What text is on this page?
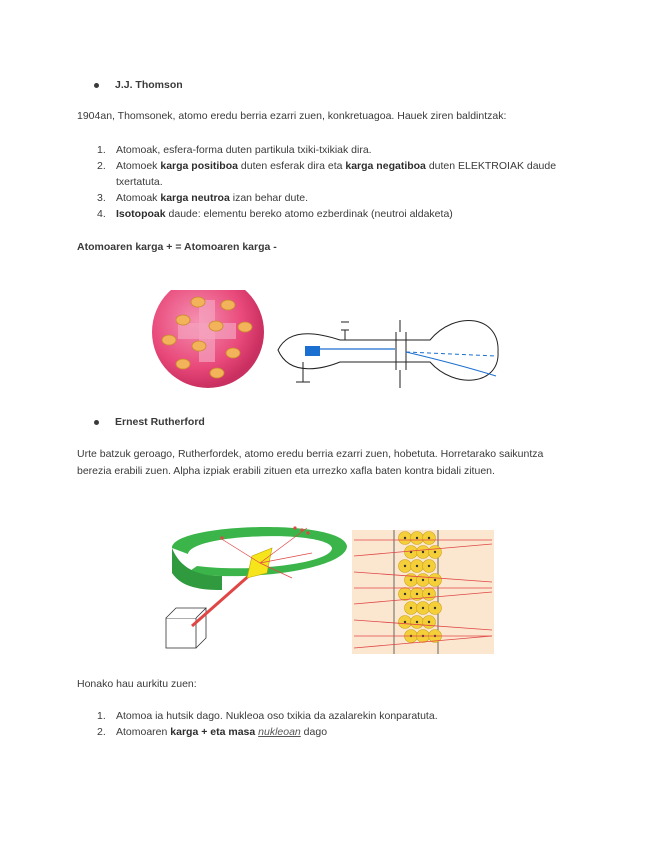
J.J. Thomson
1904an, Thomsonek, atomo eredu berria ezarri zuen, konkretuagoa. Hauek ziren baldintzak:
1. Atomoak, esfera-forma duten partikula txiki-txikiak dira.
2. Atomoek karga positiboa duten esferak dira eta karga negatiboa duten ELEKTROIAK daude txertatuta.
3. Atomoak karga neutroa izan behar dute.
4. Isotopoak daude: elementu bereko atomo ezberdinak (neutroi aldaketa)
Atomoaren karga + = Atomoaren karga -
Ernest Rutherford
Urte batzuk geroago, Rutherfordek, atomo eredu berria ezarri zuen, hobetuta. Horretarako saikuntza berezia erabili zuen. Alpha izpiak erabili zituen eta urrezko xafla baten kontra bidali zituen.
Honako hau aurkitu zuen:
1. Atomoa ia hutsik dago. Nukleoa oso txikia da azalarekin konparatuta.
2. Atomoaren karga + eta masa nukleoan dago
